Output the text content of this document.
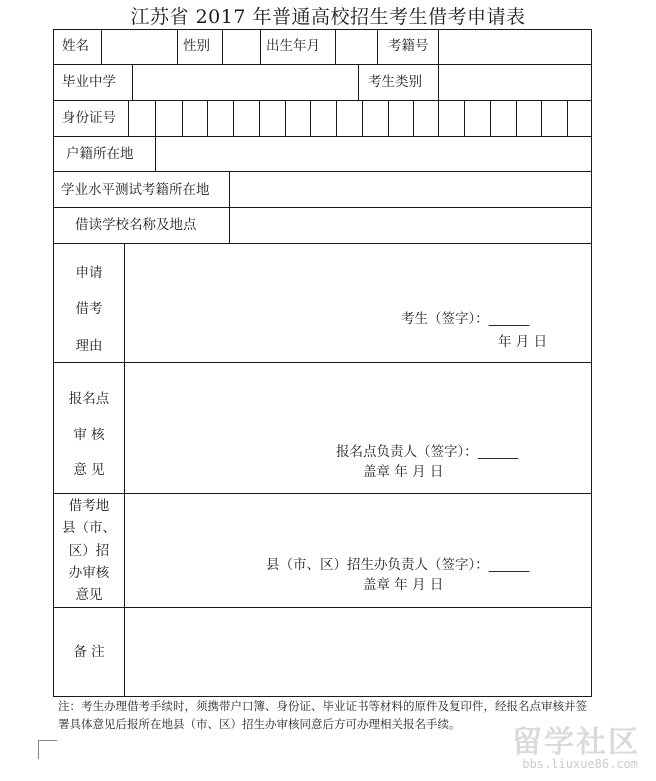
江苏省 2017 年普通高校招生考生借考申请表
姓名	性别	出生年月	考籍号
毕业中学	考生类别
身份证号
户籍所在地
学业水平测试考籍所在地
借读学校名称及地点
申请
借考
理由
考生（签字）：______
年 月 日
报名点
审 核
意 见
报名点负责人（签字）：______
盖章 年 月 日
借考地
县（市、
区）招
办审核
意见
县（市、区）招生办负责人（签字）：______
盖章 年 月 日
备 注
注：考生办理借考手续时，须携带户口簿、身份证、毕业证书等材料的原件及复印件，经报名点审核并签署具体意见后报所在地县（市、区）招生办审核同意后方可办理相关报名手续。
留学社区
bbs.liuxue86.com
